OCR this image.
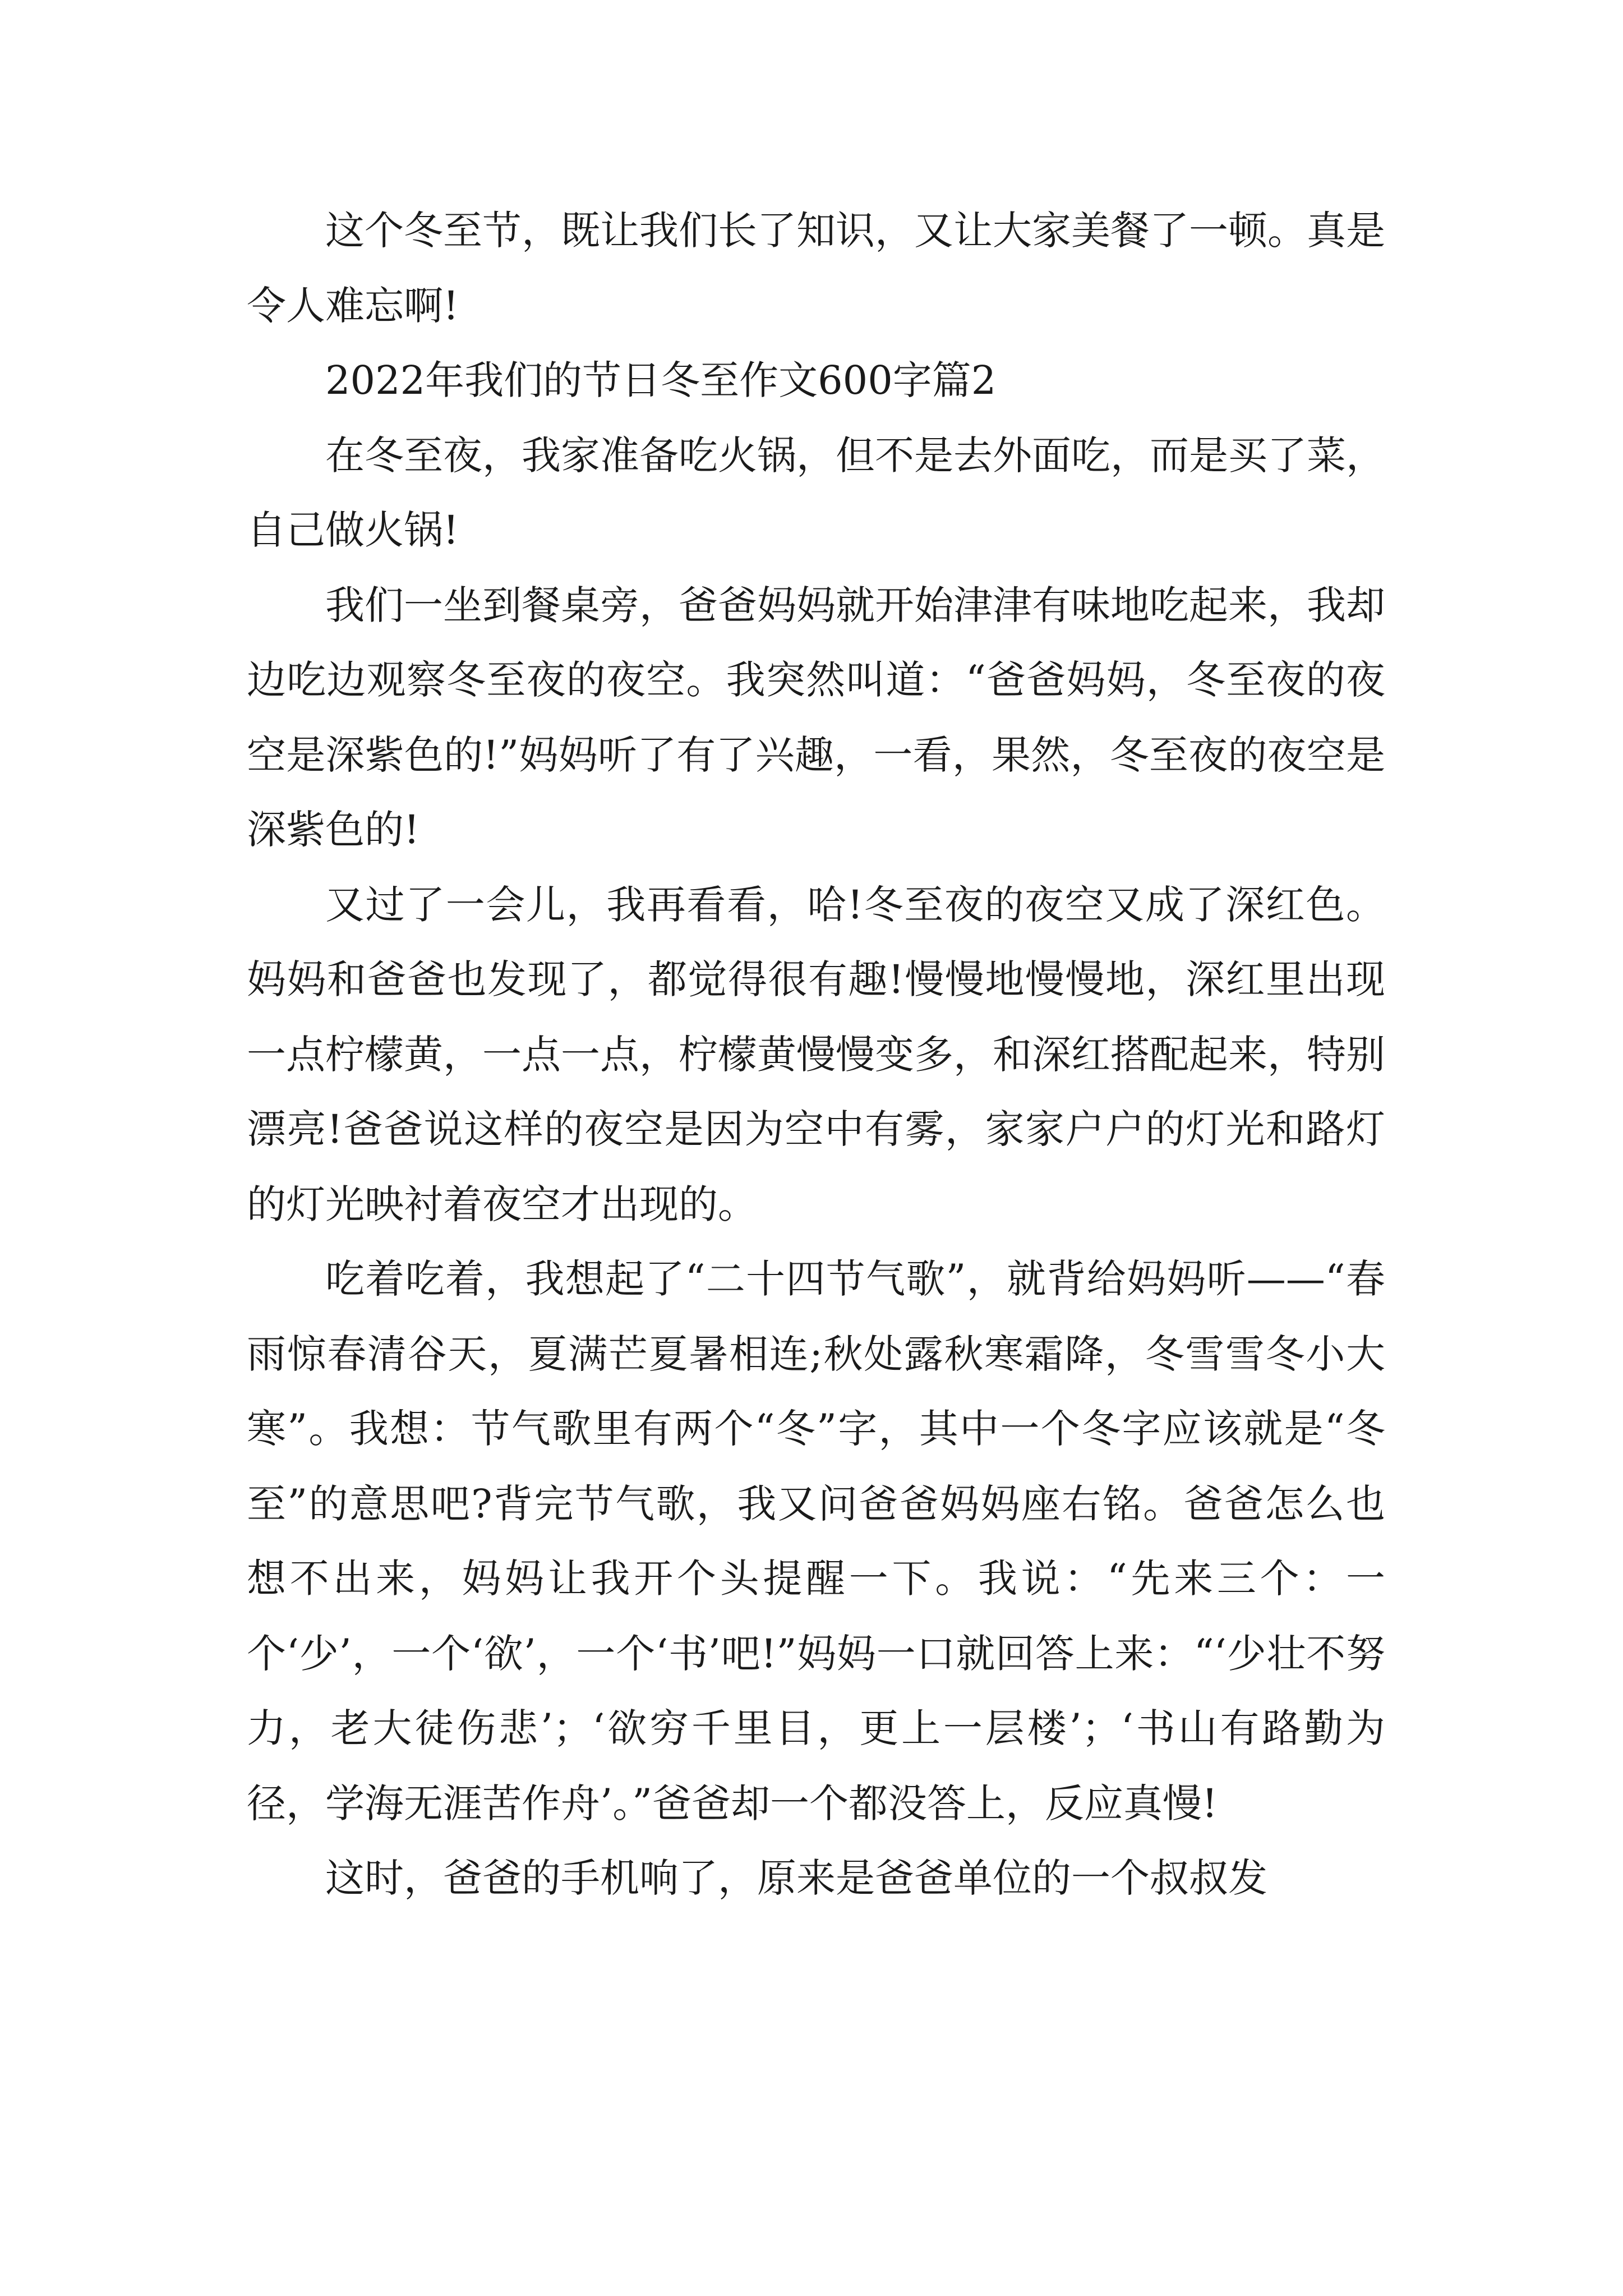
这个冬至节，既让我们长了知识，又让大家美餐了一顿。真是令人难忘啊!

2022年我们的节日冬至作文600字篇2

在冬至夜，我家准备吃火锅，但不是去外面吃，而是买了菜，自己做火锅!

我们一坐到餐桌旁，爸爸妈妈就开始津津有味地吃起来，我却边吃边观察冬至夜的夜空。我突然叫道：“爸爸妈妈，冬至夜的夜空是深紫色的!”妈妈听了有了兴趣，一看，果然，冬至夜的夜空是深紫色的!

又过了一会儿，我再看看，哈!冬至夜的夜空又成了深红色。妈妈和爸爸也发现了，都觉得很有趣!慢慢地慢慢地，深红里出现一点柠檬黄，一点一点，柠檬黄慢慢变多，和深红搭配起来，特别漂亮!爸爸说这样的夜空是因为空中有雾，家家户户的灯光和路灯的灯光映衬着夜空才出现的。

吃着吃着，我想起了“二十四节气歌”，就背给妈妈听——“春雨惊春清谷天，夏满芒夏暑相连;秋处露秋寒霜降，冬雪雪冬小大寒”。我想：节气歌里有两个“冬”字，其中一个冬字应该就是“冬至”的意思吧?背完节气歌，我又问爸爸妈妈座右铭。爸爸怎么也想不出来，妈妈让我开个头提醒一下。我说：“先来三个：一个‘少’，一个‘欲’，一个‘书’吧!”妈妈一口就回答上来：“‘少壮不努力，老大徒伤悲’；‘欲穷千里目，更上一层楼’；‘书山有路勤为径，学海无涯苦作舟’。”爸爸却一个都没答上，反应真慢!

这时，爸爸的手机响了，原来是爸爸单位的一个叔叔发
